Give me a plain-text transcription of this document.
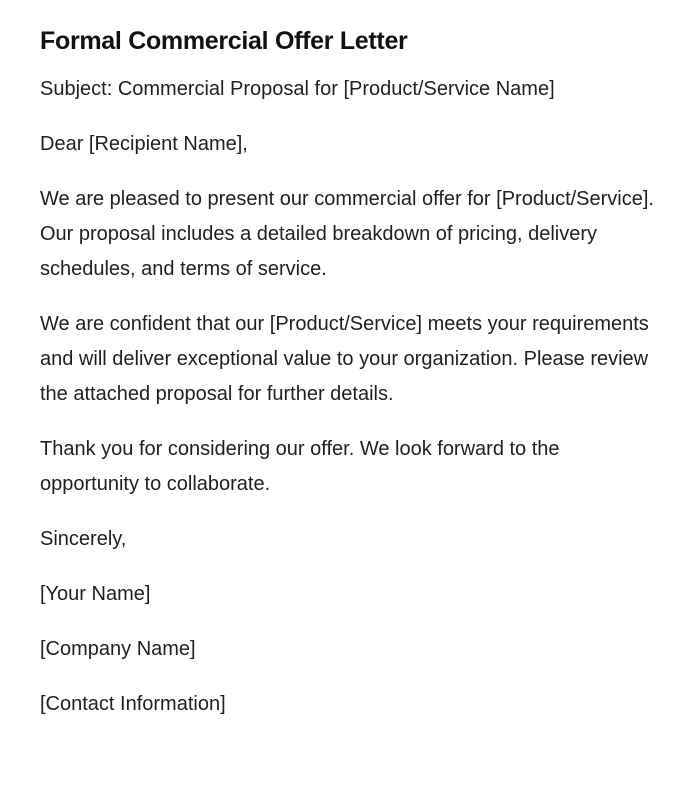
Formal Commercial Offer Letter

Subject: Commercial Proposal for [Product/Service Name]

Dear [Recipient Name],

We are pleased to present our commercial offer for [Product/Service]. Our proposal includes a detailed breakdown of pricing, delivery schedules, and terms of service.

We are confident that our [Product/Service] meets your requirements and will deliver exceptional value to your organization. Please review the attached proposal for further details.

Thank you for considering our offer. We look forward to the opportunity to collaborate.

Sincerely,

[Your Name]

[Company Name]

[Contact Information]
